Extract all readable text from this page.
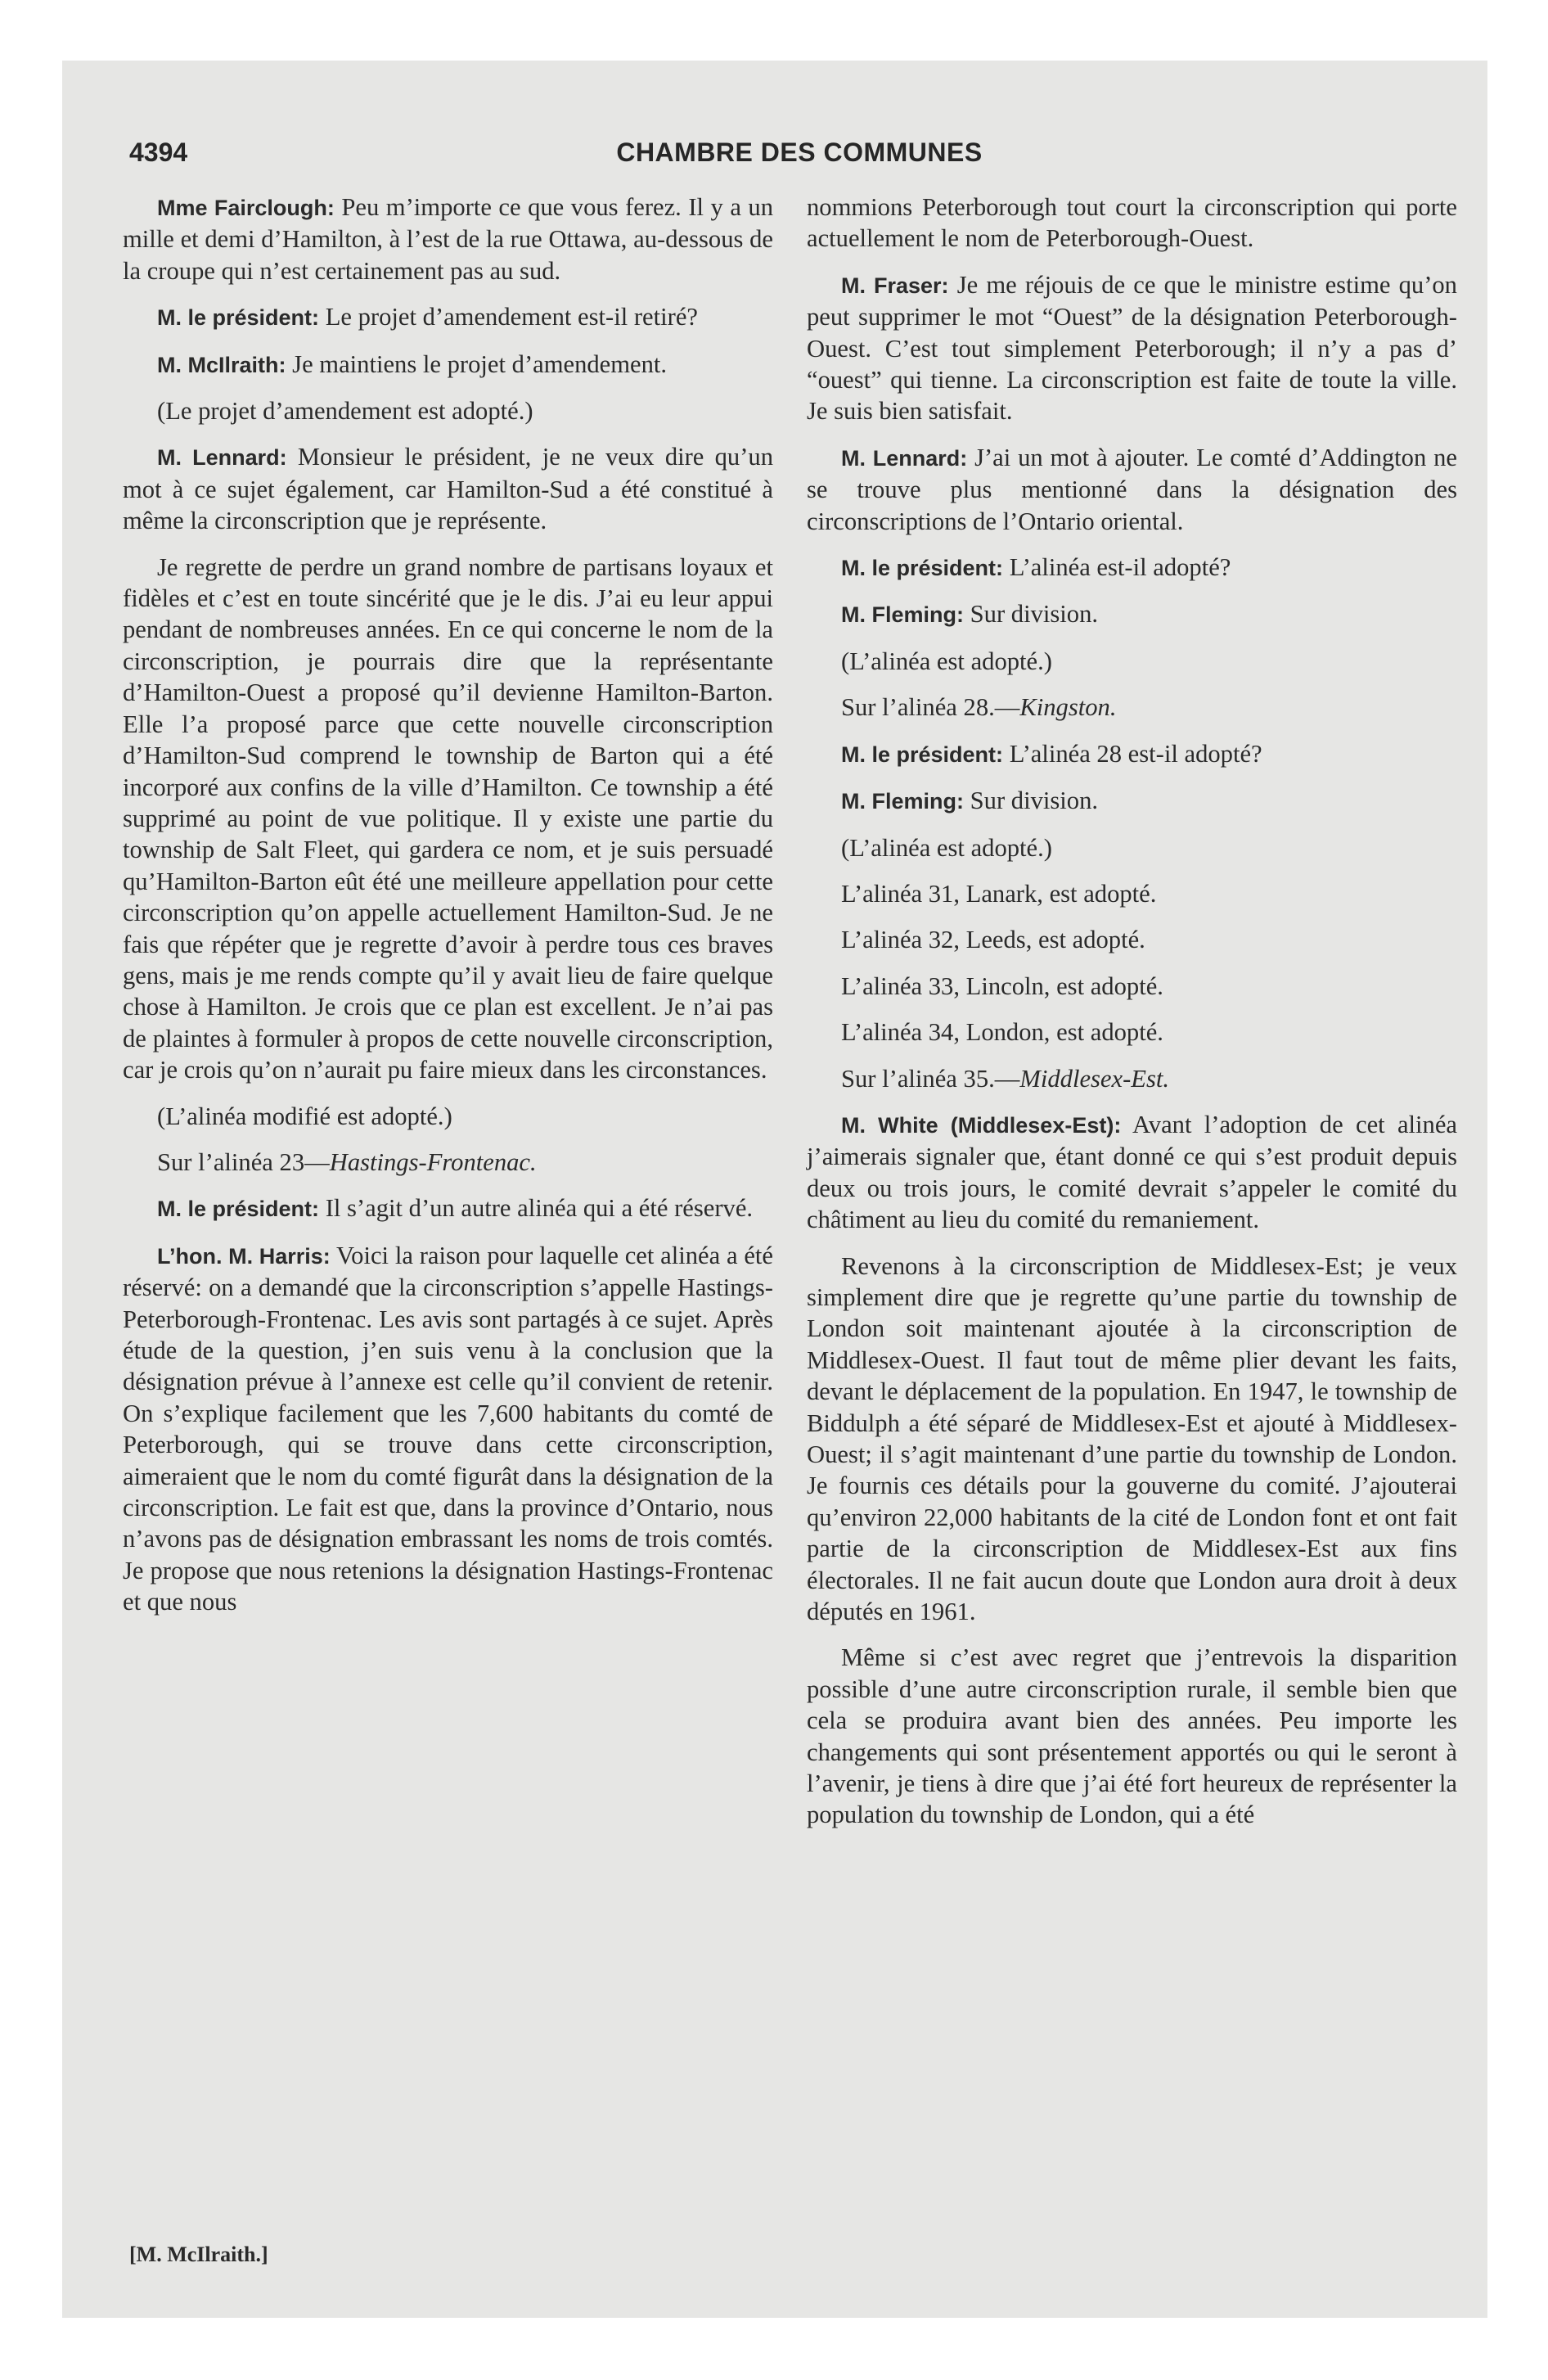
4394	CHAMBRE DES COMMUNES

Mme Fairclough: Peu m’importe ce que vous ferez. Il y a un mille et demi d’Hamilton, à l’est de la rue Ottawa, au-dessous de la croupe qui n’est certainement pas au sud.

M. le président: Le projet d’amendement est-il retiré?

M. McIlraith: Je maintiens le projet d’amendement.

(Le projet d’amendement est adopté.)

M. Lennard: Monsieur le président, je ne veux dire qu’un mot à ce sujet également, car Hamilton-Sud a été constitué à même la circonscription que je représente.

Je regrette de perdre un grand nombre de partisans loyaux et fidèles et c’est en toute sincérité que je le dis. J’ai eu leur appui pendant de nombreuses années. En ce qui concerne le nom de la circonscription, je pourrais dire que la représentante d’Hamilton-Ouest a proposé qu’il devienne Hamilton-Barton. Elle l’a proposé parce que cette nouvelle circonscription d’Hamilton-Sud comprend le township de Barton qui a été incorporé aux confins de la ville d’Hamilton. Ce township a été supprimé au point de vue politique. Il y existe une partie du township de Salt Fleet, qui gardera ce nom, et je suis persuadé qu’Hamilton-Barton eût été une meilleure appellation pour cette circonscription qu’on appelle actuellement Hamilton-Sud. Je ne fais que répéter que je regrette d’avoir à perdre tous ces braves gens, mais je me rends compte qu’il y avait lieu de faire quelque chose à Hamilton. Je crois que ce plan est excellent. Je n’ai pas de plaintes à formuler à propos de cette nouvelle circonscription, car je crois qu’on n’aurait pu faire mieux dans les circonstances.

(L’alinéa modifié est adopté.)

Sur l’alinéa 23—Hastings-Frontenac.

M. le président: Il s’agit d’un autre alinéa qui a été réservé.

L’hon. M. Harris: Voici la raison pour laquelle cet alinéa a été réservé: on a demandé que la circonscription s’appelle Hastings-Peterborough-Frontenac. Les avis sont partagés à ce sujet. Après étude de la question, j’en suis venu à la conclusion que la désignation prévue à l’annexe est celle qu’il convient de retenir. On s’explique facilement que les 7,600 habitants du comté de Peterborough, qui se trouve dans cette circonscription, aimeraient que le nom du comté figurât dans la désignation de la circonscription. Le fait est que, dans la province d’Ontario, nous n’avons pas de désignation embrassant les noms de trois comtés. Je propose que nous retenions la désignation Hastings-Frontenac et que nous

nommions Peterborough tout court la circonscription qui porte actuellement le nom de Peterborough-Ouest.

M. Fraser: Je me réjouis de ce que le ministre estime qu’on peut supprimer le mot “Ouest” de la désignation Peterborough-Ouest. C’est tout simplement Peterborough; il n’y a pas d’ “ouest” qui tienne. La circonscription est faite de toute la ville. Je suis bien satisfait.

M. Lennard: J’ai un mot à ajouter. Le comté d’Addington ne se trouve plus mentionné dans la désignation des circonscriptions de l’Ontario oriental.

M. le président: L’alinéa est-il adopté?

M. Fleming: Sur division.

(L’alinéa est adopté.)

Sur l’alinéa 28.—Kingston.

M. le président: L’alinéa 28 est-il adopté?

M. Fleming: Sur division.

(L’alinéa est adopté.)

L’alinéa 31, Lanark, est adopté.

L’alinéa 32, Leeds, est adopté.

L’alinéa 33, Lincoln, est adopté.

L’alinéa 34, London, est adopté.

Sur l’alinéa 35.—Middlesex-Est.

M. White (Middlesex-Est): Avant l’adoption de cet alinéa j’aimerais signaler que, étant donné ce qui s’est produit depuis deux ou trois jours, le comité devrait s’appeler le comité du châtiment au lieu du comité du remaniement.

Revenons à la circonscription de Middlesex-Est; je veux simplement dire que je regrette qu’une partie du township de London soit maintenant ajoutée à la circonscription de Middlesex-Ouest. Il faut tout de même plier devant les faits, devant le déplacement de la population. En 1947, le township de Biddulph a été séparé de Middlesex-Est et ajouté à Middlesex-Ouest; il s’agit maintenant d’une partie du township de London. Je fournis ces détails pour la gouverne du comité. J’ajouterai qu’environ 22,000 habitants de la cité de London font et ont fait partie de la circonscription de Middlesex-Est aux fins électorales. Il ne fait aucun doute que London aura droit à deux députés en 1961.

Même si c’est avec regret que j’entrevois la disparition possible d’une autre circonscription rurale, il semble bien que cela se produira avant bien des années. Peu importe les changements qui sont présentement apportés ou qui le seront à l’avenir, je tiens à dire que j’ai été fort heureux de représenter la population du township de London, qui a été

[M. McIlraith.]
